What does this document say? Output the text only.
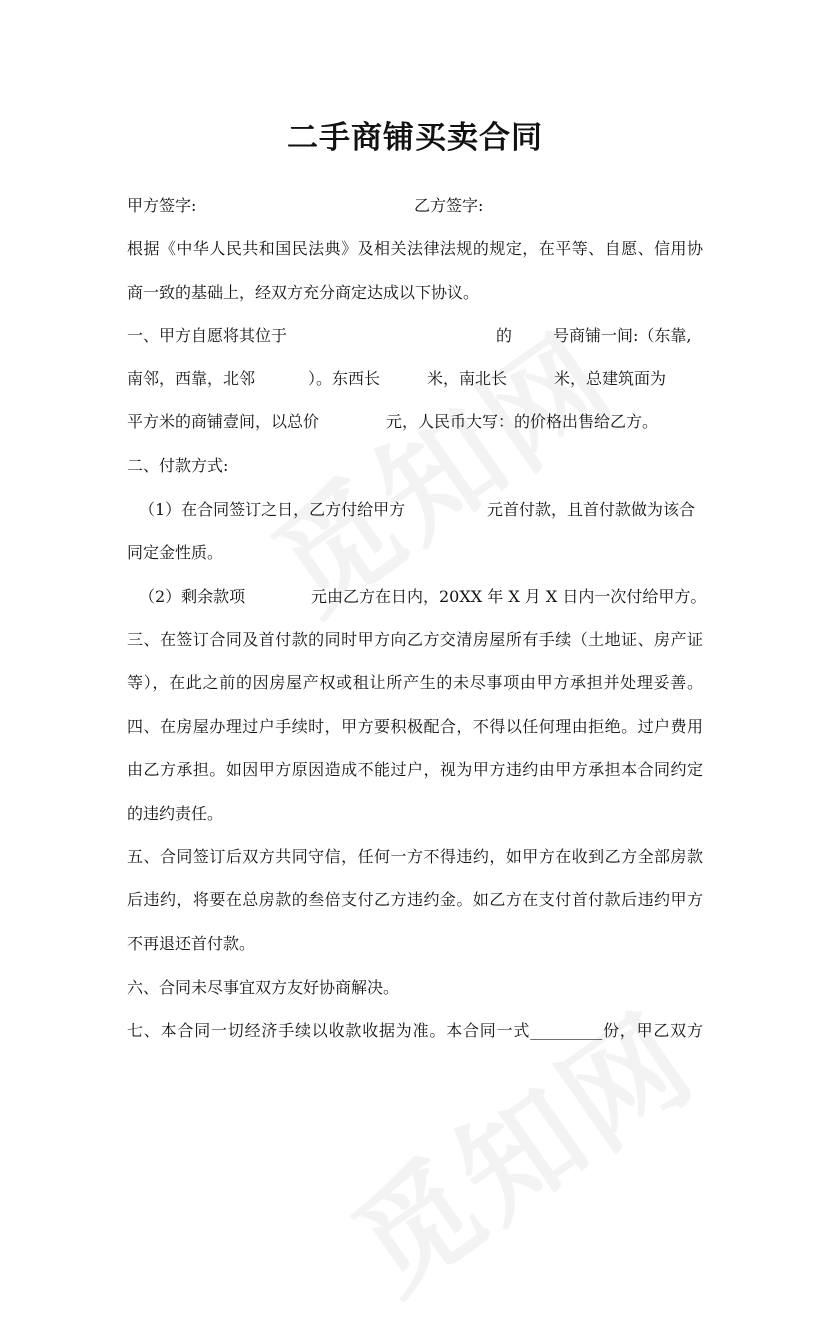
二手商铺买卖合同
甲方签字:	乙方签字:
根据《中华人民共和国民法典》及相关法律法规的规定，在平等、自愿、信用协
商一致的基础上，经双方充分商定达成以下协议。
一、甲方自愿将其位于	的	号商铺一间:（东靠,
南邻，西靠，北邻	）。东西长	米，南北长	米，总建筑面为
平方米的商铺壹间，以总价	元，人民币大写：的价格出售给乙方。
二、付款方式:
（1）在合同签订之日，乙方付给甲方	元首付款，且首付款做为该合
同定金性质。
（2）剩余款项	元由乙方在日内，20XX 年 X 月 X 日内一次付给甲方。
三、在签订合同及首付款的同时甲方向乙方交清房屋所有手续（土地证、房产证
等），在此之前的因房屋产权或租让所产生的未尽事项由甲方承担并处理妥善。
四、在房屋办理过户手续时，甲方要积极配合，不得以任何理由拒绝。过户费用
由乙方承担。如因甲方原因造成不能过户，视为甲方违约由甲方承担本合同约定
的违约责任。
五、合同签订后双方共同守信，任何一方不得违约，如甲方在收到乙方全部房款
后违约，将要在总房款的叁倍支付乙方违约金。如乙方在支付首付款后违约甲方
不再退还首付款。
六、合同未尽事宜双方友好协商解决。
七、本合同一切经济手续以收款收据为准。本合同一式_________份，甲乙双方
